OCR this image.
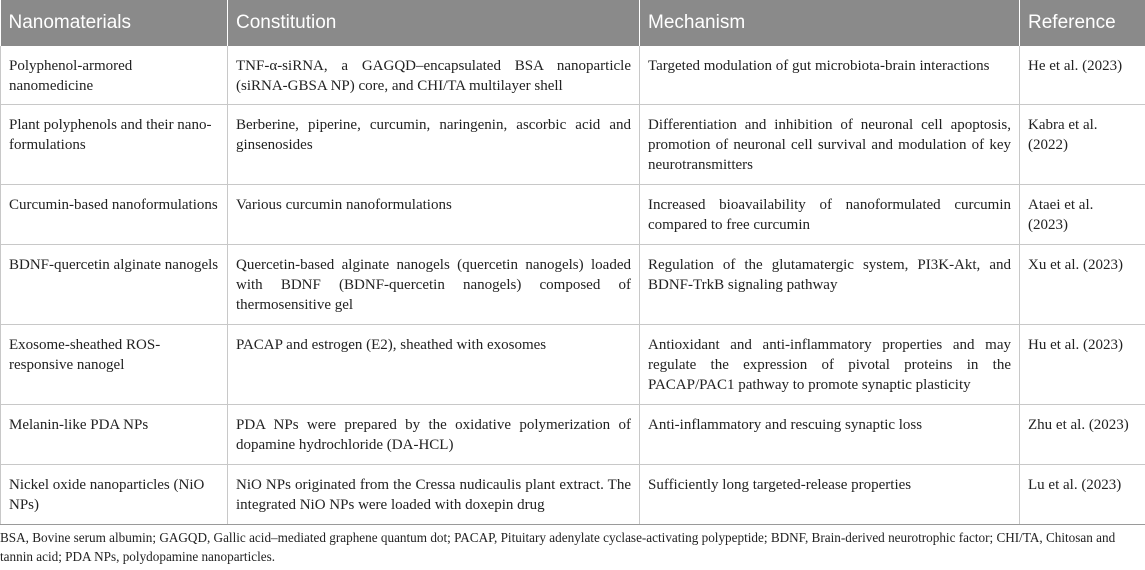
Nanomaterials	Constitution	Mechanism	Reference
Polyphenol-armored nanomedicine	TNF-α-siRNA, a GAGQD–encapsulated BSA nanoparticle (siRNA-GBSA NP) core, and CHI/TA multilayer shell	Targeted modulation of gut microbiota-brain interactions	He et al. (2023)
Plant polyphenols and their nano-formulations	Berberine, piperine, curcumin, naringenin, ascorbic acid and ginsenosides	Differentiation and inhibition of neuronal cell apoptosis, promotion of neuronal cell survival and modulation of key neurotransmitters	Kabra et al. (2022)
Curcumin-based nanoformulations	Various curcumin nanoformulations	Increased bioavailability of nanoformulated curcumin compared to free curcumin	Ataei et al. (2023)
BDNF-quercetin alginate nanogels	Quercetin-based alginate nanogels (quercetin nanogels) loaded with BDNF (BDNF-quercetin nanogels) composed of thermosensitive gel	Regulation of the glutamatergic system, PI3K-Akt, and BDNF-TrkB signaling pathway	Xu et al. (2023)
Exosome-sheathed ROS-responsive nanogel	PACAP and estrogen (E2), sheathed with exosomes	Antioxidant and anti-inflammatory properties and may regulate the expression of pivotal proteins in the PACAP/PAC1 pathway to promote synaptic plasticity	Hu et al. (2023)
Melanin-like PDA NPs	PDA NPs were prepared by the oxidative polymerization of dopamine hydrochloride (DA-HCL)	Anti-inflammatory and rescuing synaptic loss	Zhu et al. (2023)
Nickel oxide nanoparticles (NiO NPs)	NiO NPs originated from the Cressa nudicaulis plant extract. The integrated NiO NPs were loaded with doxepin drug	Sufficiently long targeted-release properties	Lu et al. (2023)
BSA, Bovine serum albumin; GAGQD, Gallic acid–mediated graphene quantum dot; PACAP, Pituitary adenylate cyclase-activating polypeptide; BDNF, Brain-derived neurotrophic factor; CHI/TA, Chitosan and tannin acid; PDA NPs, polydopamine nanoparticles.
